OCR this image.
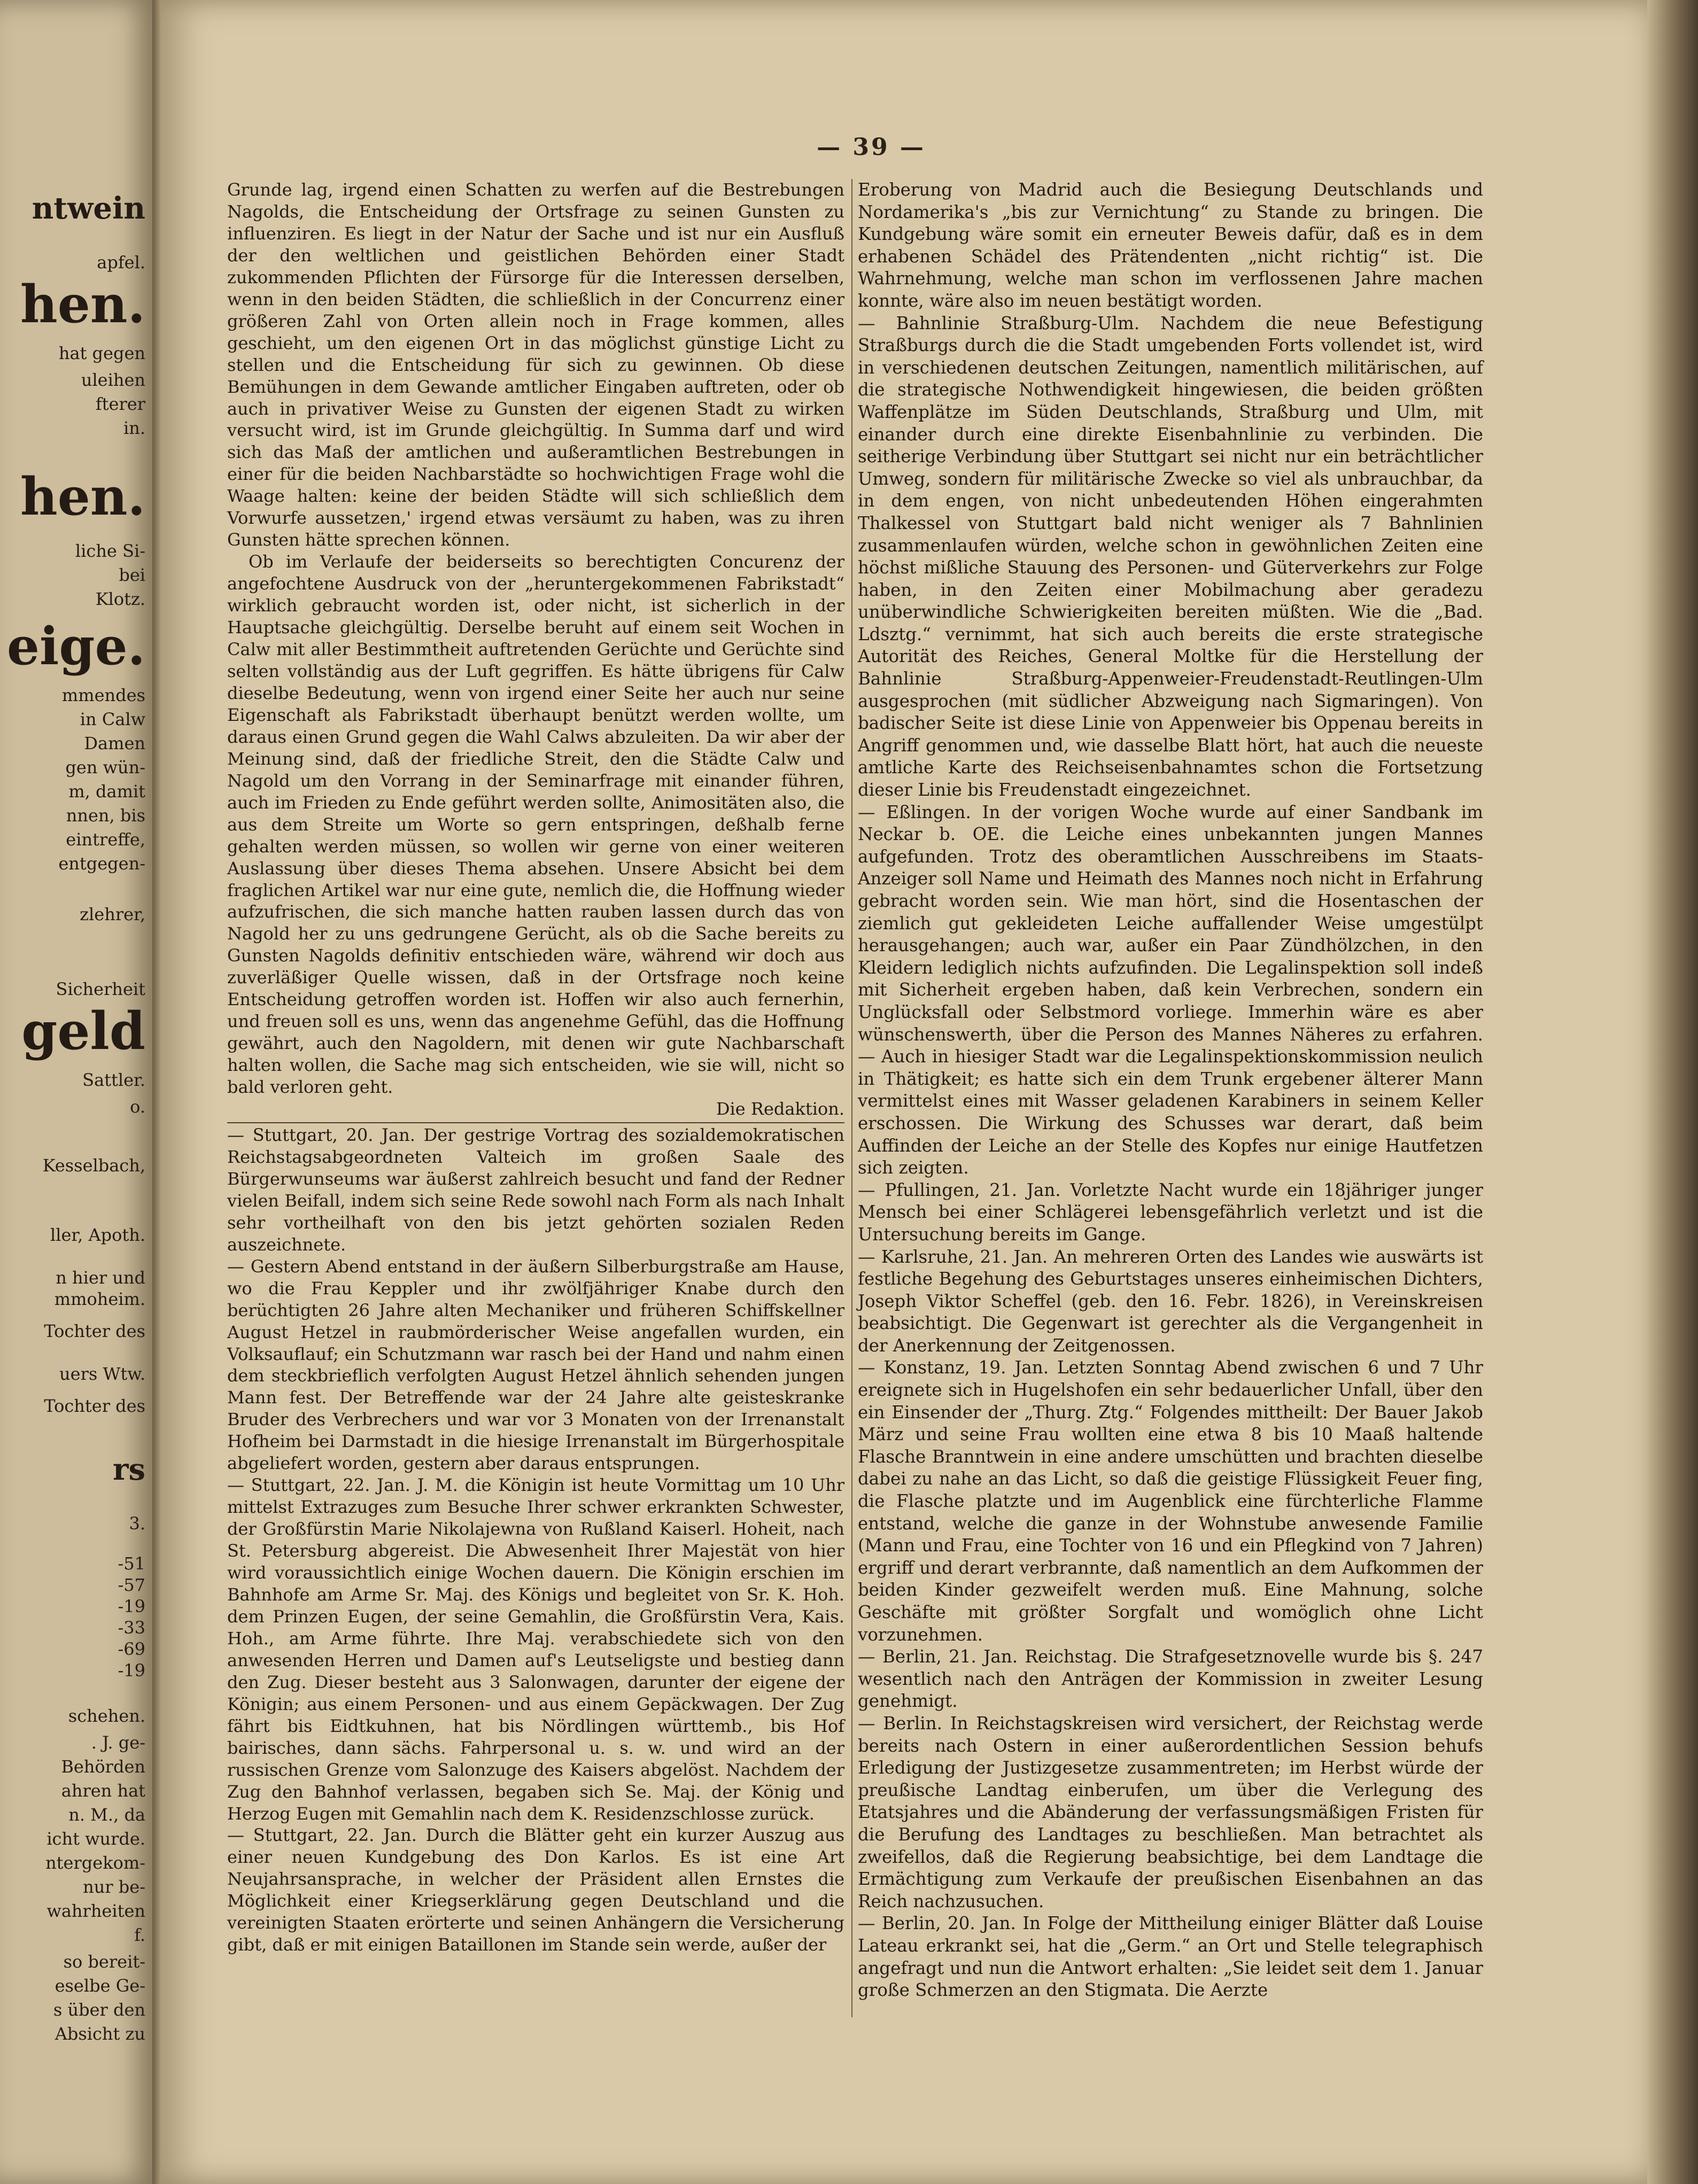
ntwein
apfel.
hen.
hat gegen
uleihen
fterer
in.
hen.
liche Si-
bei
Klotz.
eige.
mmendes
in Calw
Damen
gen wün-
m, damit
nnen, bis
eintreffe,
entgegen-
zlehrer,
Sicherheit
geld
Sattler.
o.
Kesselbach,
ller, Apoth.
n hier und
mmoheim.
Tochter des
uers Wtw.
Tochter des
rs
3.
-51
-57
-19
-33
-69
-19
schehen.
. J. ge-
Behörden
ahren hat
n. M., da
icht wurde.
ntergekom-
nur be-
wahrheiten
f.
so bereit-
eselbe Ge-
s über den
Absicht zu
— 39 —

Grunde lag, irgend einen Schatten zu werfen auf die Bestrebungen Nagolds, die Entscheidung der Ortsfrage zu seinen Gunsten zu influenziren. Es liegt in der Natur der Sache und ist nur ein Ausfluß der den weltlichen und geistlichen Behörden einer Stadt zukommenden Pflichten der Fürsorge für die Interessen derselben, wenn in den beiden Städten, die schließlich in der Concurrenz einer größeren Zahl von Orten allein noch in Frage kommen, alles geschieht, um den eigenen Ort in das möglichst günstige Licht zu stellen und die Entscheidung für sich zu gewinnen. Ob diese Bemühungen in dem Gewande amtlicher Eingaben auftreten, oder ob auch in privativer Weise zu Gunsten der eigenen Stadt zu wirken versucht wird, ist im Grunde gleichgültig. In Summa darf und wird sich das Maß der amtlichen und außeramtlichen Bestrebungen in einer für die beiden Nachbarstädte so hochwichtigen Frage wohl die Waage halten: keine der beiden Städte will sich schließlich dem Vorwurfe aussetzen,' irgend etwas versäumt zu haben, was zu ihren Gunsten hätte sprechen können.

Ob im Verlaufe der beiderseits so berechtigten Concurenz der angefochtene Ausdruck von der „heruntergekommenen Fabrikstadt“ wirklich gebraucht worden ist, oder nicht, ist sicherlich in der Hauptsache gleichgültig. Derselbe beruht auf einem seit Wochen in Calw mit aller Bestimmtheit auftretenden Gerüchte und Gerüchte sind selten vollständig aus der Luft gegriffen. Es hätte übrigens für Calw dieselbe Bedeutung, wenn von irgend einer Seite her auch nur seine Eigenschaft als Fabrikstadt überhaupt benützt werden wollte, um daraus einen Grund gegen die Wahl Calws abzuleiten. Da wir aber der Meinung sind, daß der friedliche Streit, den die Städte Calw und Nagold um den Vorrang in der Seminarfrage mit einander führen, auch im Frieden zu Ende geführt werden sollte, Animositäten also, die aus dem Streite um Worte so gern entspringen, deßhalb ferne gehalten werden müssen, so wollen wir gerne von einer weiteren Auslassung über dieses Thema absehen. Unsere Absicht bei dem fraglichen Artikel war nur eine gute, nemlich die, die Hoffnung wieder aufzufrischen, die sich manche hatten rauben lassen durch das von Nagold her zu uns gedrungene Gerücht, als ob die Sache bereits zu Gunsten Nagolds definitiv entschieden wäre, während wir doch aus zuverläßiger Quelle wissen, daß in der Ortsfrage noch keine Entscheidung getroffen worden ist. Hoffen wir also auch fernerhin, und freuen soll es uns, wenn das angenehme Gefühl, das die Hoffnung gewährt, auch den Nagoldern, mit denen wir gute Nachbarschaft halten wollen, die Sache mag sich entscheiden, wie sie will, nicht so bald verloren geht.

Die Redaktion.

— Stuttgart, 20. Jan. Der gestrige Vortrag des sozialdemokratischen Reichstagsabgeordneten Valteich im großen Saale des Bürgerwunseums war äußerst zahlreich besucht und fand der Redner vielen Beifall, indem sich seine Rede sowohl nach Form als nach Inhalt sehr vortheilhaft von den bis jetzt gehörten sozialen Reden auszeichnete.

— Gestern Abend entstand in der äußern Silberburgstraße am Hause, wo die Frau Keppler und ihr zwölfjähriger Knabe durch den berüchtigten 26 Jahre alten Mechaniker und früheren Schiffskellner August Hetzel in raubmörderischer Weise angefallen wurden, ein Volksauflauf; ein Schutzmann war rasch bei der Hand und nahm einen dem steckbrieflich verfolgten August Hetzel ähnlich sehenden jungen Mann fest. Der Betreffende war der 24 Jahre alte geisteskranke Bruder des Verbrechers und war vor 3 Monaten von der Irrenanstalt Hofheim bei Darmstadt in die hiesige Irrenanstalt im Bürgerhospitale abgeliefert worden, gestern aber daraus entsprungen.

— Stuttgart, 22. Jan. J. M. die Königin ist heute Vormittag um 10 Uhr mittelst Extrazuges zum Besuche Ihrer schwer erkrankten Schwester, der Großfürstin Marie Nikolajewna von Rußland Kaiserl. Hoheit, nach St. Petersburg abgereist. Die Abwesenheit Ihrer Majestät von hier wird voraussichtlich einige Wochen dauern. Die Königin erschien im Bahnhofe am Arme Sr. Maj. des Königs und begleitet von Sr. K. Hoh. dem Prinzen Eugen, der seine Gemahlin, die Großfürstin Vera, Kais. Hoh., am Arme führte. Ihre Maj. verabschiedete sich von den anwesenden Herren und Damen auf's Leutseligste und bestieg dann den Zug. Dieser besteht aus 3 Salonwagen, darunter der eigene der Königin; aus einem Personen- und aus einem Gepäckwagen. Der Zug fährt bis Eidtkuhnen, hat bis Nördlingen württemb., bis Hof bairisches, dann sächs. Fahrpersonal u. s. w. und wird an der russischen Grenze vom Salonzuge des Kaisers abgelöst. Nachdem der Zug den Bahnhof verlassen, begaben sich Se. Maj. der König und Herzog Eugen mit Gemahlin nach dem K. Residenzschlosse zurück.

— Stuttgart, 22. Jan. Durch die Blätter geht ein kurzer Auszug aus einer neuen Kundgebung des Don Karlos. Es ist eine Art Neujahrsansprache, in welcher der Präsident allen Ernstes die Möglichkeit einer Kriegserklärung gegen Deutschland und die vereinigten Staaten erörterte und seinen Anhängern die Versicherung gibt, daß er mit einigen Bataillonen im Stande sein werde, außer der

Eroberung von Madrid auch die Besiegung Deutschlands und Nordamerika's „bis zur Vernichtung“ zu Stande zu bringen. Die Kundgebung wäre somit ein erneuter Beweis dafür, daß es in dem erhabenen Schädel des Prätendenten „nicht richtig“ ist. Die Wahrnehmung, welche man schon im verflossenen Jahre machen konnte, wäre also im neuen bestätigt worden.

— Bahnlinie Straßburg-Ulm. Nachdem die neue Befestigung Straßburgs durch die die Stadt umgebenden Forts vollendet ist, wird in verschiedenen deutschen Zeitungen, namentlich militärischen, auf die strategische Nothwendigkeit hingewiesen, die beiden größten Waffenplätze im Süden Deutschlands, Straßburg und Ulm, mit einander durch eine direkte Eisenbahnlinie zu verbinden. Die seitherige Verbindung über Stuttgart sei nicht nur ein beträchtlicher Umweg, sondern für militärische Zwecke so viel als unbrauchbar, da in dem engen, von nicht unbedeutenden Höhen eingerahmten Thalkessel von Stuttgart bald nicht weniger als 7 Bahnlinien zusammenlaufen würden, welche schon in gewöhnlichen Zeiten eine höchst mißliche Stauung des Personen- und Güterverkehrs zur Folge haben, in den Zeiten einer Mobilmachung aber geradezu unüberwindliche Schwierigkeiten bereiten müßten. Wie die „Bad. Ldsztg.“ vernimmt, hat sich auch bereits die erste strategische Autorität des Reiches, General Moltke für die Herstellung der Bahnlinie Straßburg-Appenweier-Freudenstadt-Reutlingen-Ulm ausgesprochen (mit südlicher Abzweigung nach Sigmaringen). Von badischer Seite ist diese Linie von Appenweier bis Oppenau bereits in Angriff genommen und, wie dasselbe Blatt hört, hat auch die neueste amtliche Karte des Reichseisenbahnamtes schon die Fortsetzung dieser Linie bis Freudenstadt eingezeichnet.

— Eßlingen. In der vorigen Woche wurde auf einer Sandbank im Neckar b. OE. die Leiche eines unbekannten jungen Mannes aufgefunden. Trotz des oberamtlichen Ausschreibens im Staats-Anzeiger soll Name und Heimath des Mannes noch nicht in Erfahrung gebracht worden sein. Wie man hört, sind die Hosentaschen der ziemlich gut gekleideten Leiche auffallender Weise umgestülpt herausgehangen; auch war, außer ein Paar Zündhölzchen, in den Kleidern lediglich nichts aufzufinden. Die Legalinspektion soll indeß mit Sicherheit ergeben haben, daß kein Verbrechen, sondern ein Unglücksfall oder Selbstmord vorliege. Immerhin wäre es aber wünschenswerth, über die Person des Mannes Näheres zu erfahren. — Auch in hiesiger Stadt war die Legalinspektionskommission neulich in Thätigkeit; es hatte sich ein dem Trunk ergebener älterer Mann vermittelst eines mit Wasser geladenen Karabiners in seinem Keller erschossen. Die Wirkung des Schusses war derart, daß beim Auffinden der Leiche an der Stelle des Kopfes nur einige Hautfetzen sich zeigten.

— Pfullingen, 21. Jan. Vorletzte Nacht wurde ein 18jähriger junger Mensch bei einer Schlägerei lebensgefährlich verletzt und ist die Untersuchung bereits im Gange.

— Karlsruhe, 21. Jan. An mehreren Orten des Landes wie auswärts ist festliche Begehung des Geburtstages unseres einheimischen Dichters, Joseph Viktor Scheffel (geb. den 16. Febr. 1826), in Vereinskreisen beabsichtigt. Die Gegenwart ist gerechter als die Vergangenheit in der Anerkennung der Zeitgenossen.

— Konstanz, 19. Jan. Letzten Sonntag Abend zwischen 6 und 7 Uhr ereignete sich in Hugelshofen ein sehr bedauerlicher Unfall, über den ein Einsender der „Thurg. Ztg.“ Folgendes mittheilt: Der Bauer Jakob März und seine Frau wollten eine etwa 8 bis 10 Maaß haltende Flasche Branntwein in eine andere umschütten und brachten dieselbe dabei zu nahe an das Licht, so daß die geistige Flüssigkeit Feuer fing, die Flasche platzte und im Augenblick eine fürchterliche Flamme entstand, welche die ganze in der Wohnstube anwesende Familie (Mann und Frau, eine Tochter von 16 und ein Pflegkind von 7 Jahren) ergriff und derart verbrannte, daß namentlich an dem Aufkommen der beiden Kinder gezweifelt werden muß. Eine Mahnung, solche Geschäfte mit größter Sorgfalt und womöglich ohne Licht vorzunehmen.

— Berlin, 21. Jan. Reichstag. Die Strafgesetznovelle wurde bis §. 247 wesentlich nach den Anträgen der Kommission in zweiter Lesung genehmigt.

— Berlin. In Reichstagskreisen wird versichert, der Reichstag werde bereits nach Ostern in einer außerordentlichen Session behufs Erledigung der Justizgesetze zusammentreten; im Herbst würde der preußische Landtag einberufen, um über die Verlegung des Etatsjahres und die Abänderung der verfassungsmäßigen Fristen für die Berufung des Landtages zu beschließen. Man betrachtet als zweifellos, daß die Regierung beabsichtige, bei dem Landtage die Ermächtigung zum Verkaufe der preußischen Eisenbahnen an das Reich nachzusuchen.

— Berlin, 20. Jan. In Folge der Mittheilung einiger Blätter daß Louise Lateau erkrankt sei, hat die „Germ.“ an Ort und Stelle telegraphisch angefragt und nun die Antwort erhalten: „Sie leidet seit dem 1. Januar große Schmerzen an den Stigmata. Die Aerzte
